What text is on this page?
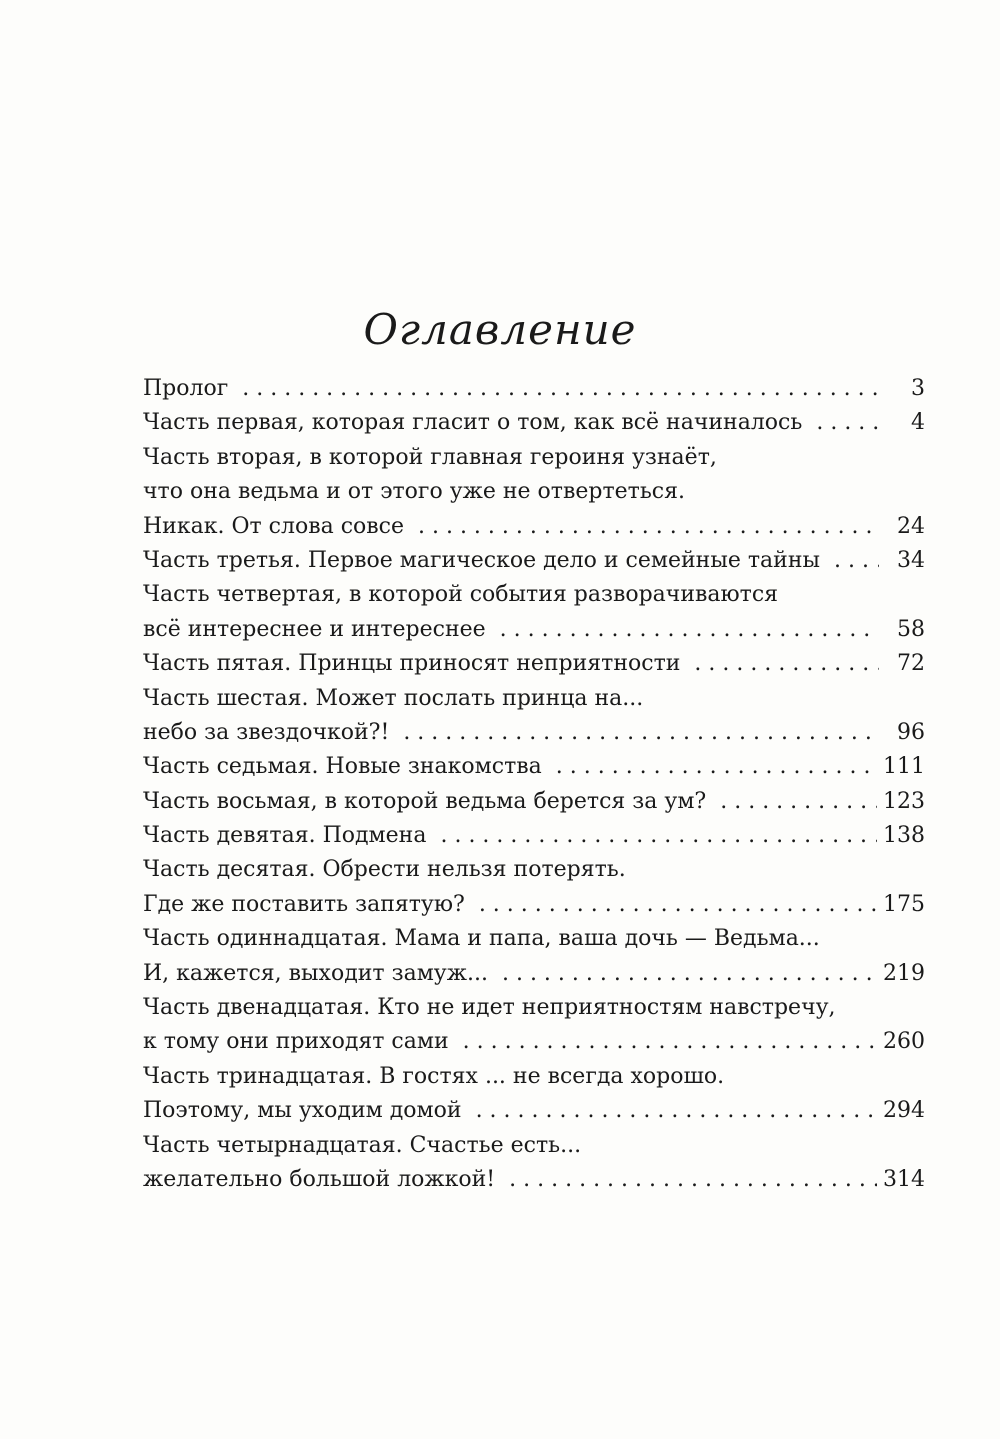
Оглавление
Пролог . . .	3
Часть первая, которая гласит о том, как всё начиналось . . .	4
Часть вторая, в которой главная героиня узнаёт,
что она ведьма и от этого уже не отвертеться.
Никак. От слова совсе . . .	24
Часть третья. Первое магическое дело и семейные тайны . . .	34
Часть четвертая, в которой события разворачиваются
всё интереснее и интереснее . . .	58
Часть пятая. Принцы приносят неприятности . . .	72
Часть шестая. Может послать принца на...
небо за звездочкой?! . . .	96
Часть седьмая. Новые знакомства . . .	111
Часть восьмая, в которой ведьма берется за ум? . . .	123
Часть девятая. Подмена . . .	138
Часть десятая. Обрести нельзя потерять.
Где же поставить запятую? . . .	175
Часть одиннадцатая. Мама и папа, ваша дочь — Ведьма...
И, кажется, выходит замуж... . . .	219
Часть двенадцатая. Кто не идет неприятностям навстречу,
к тому они приходят сами . . .	260
Часть тринадцатая. В гостях ... не всегда хорошо.
Поэтому, мы уходим домой . . .	294
Часть четырнадцатая. Счастье есть...
желательно большой ложкой! . . .	314
